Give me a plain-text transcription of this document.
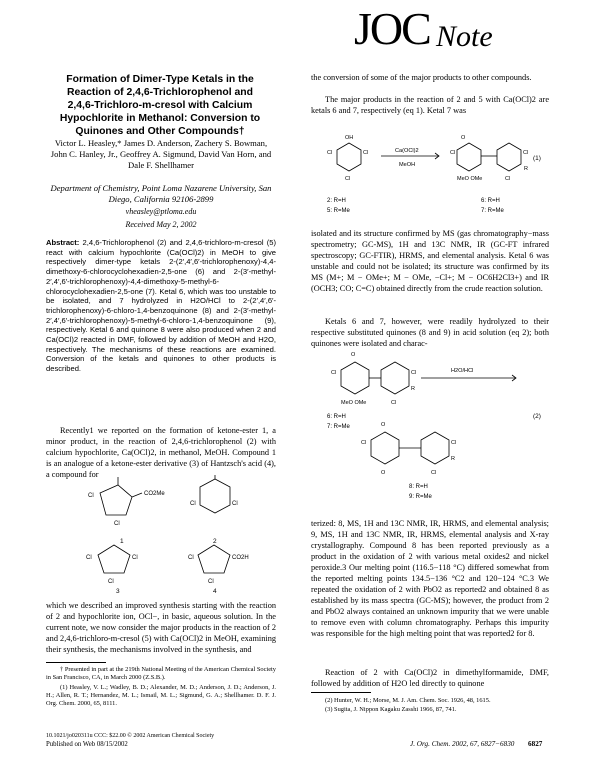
JOC Note
Formation of Dimer-Type Ketals in the Reaction of 2,4,6-Trichlorophenol and 2,4,6-Trichloro-m-cresol with Calcium Hypochlorite in Methanol: Conversion to Quinones and Other Compounds†
Victor L. Heasley,* James D. Anderson, Zachery S. Bowman, John C. Hanley, Jr., Geoffrey A. Sigmund, David Van Horn, and Dale F. Shellhamer
Department of Chemistry, Point Loma Nazarene University, San Diego, California 92106-2899
vheasley@ptloma.edu
Received May 2, 2002
Abstract: 2,4,6-Trichlorophenol (2) and 2,4,6-trichloro-m-cresol (5) react with calcium hypochlorite (Ca(OCl)2) in MeOH to give respectively dimer-type ketals 2-(2′,4′,6′-trichlorophenoxy)-4,4-dimethoxy-6-chlorocyclohexadien-2,5-one (6) and 2-(3′-methyl-2′,4′,6′-trichlorophenoxy)-4,4-dimethoxy-5-methyl-6-chlorocyclohexadien-2,5-one (7). Ketal 6, which was too unstable to be isolated, and 7 hydrolyzed in H2O/HCl to 2-(2′,4′,6′-trichlorophenoxy)-6-chloro-1,4-benzoquinone (8) and 2-(3′-methyl-2′,4′,6′-trichlorophenoxy)-5-methyl-6-chloro-1,4-benzoquinone (9), respectively. Ketal 6 and quinone 8 were also produced when 2 and Ca(OCl)2 reacted in DMF, followed by addition of MeOH and H2O, respectively. The mechanisms of these reactions are examined. Conversion of the ketals and quinones to other products is described.

Recently1 we reported on the formation of ketone-ester 1, a minor product, in the reaction of 2,4,6-trichlorophenol (2) with calcium hypochlorite, Ca(OCl)2, in methanol, MeOH. Compound 1 is an analogue of a ketone-ester derivative (3) of Hantzsch's acid (4), a compound for

Cl
Cl
CO2Me
Cl	Cl
Cl	Cl
Cl
Cl	CO2H
Cl
1	2
3	4

which we described an improved synthesis starting with the reaction of 2 and hypochlorite ion, OCl−, in basic, aqueous solution. In the current note, we now consider the major products in the reaction of 2 and 2,4,6-trichloro-m-cresol (5) with Ca(OCl)2 in MeOH, examining their synthesis, the mechanisms involved in the synthesis, and

† Presented in part at the 219th National Meeting of the American Chemical Society in San Francisco, CA, in March 2000 (Z.S.B.).

(1) Heasley, V. L.; Wadley, B. D.; Alexander, M. D.; Anderson, J. D.; Anderson, J. H.; Allen, R. T.; Hernandez, M. L.; Ismail, M. L.; Sigmund, G. A.; Shellhamer. D. F. J. Org. Chem. 2000, 65, 8111.

the conversion of some of the major products to other compounds.

The major products in the reaction of 2 and 5 with Ca(OCl)2 are ketals 6 and 7, respectively (eq 1). Ketal 7 was

Cl	Cl
OH
Cl
Cl
O
MeO OMe
Cl
Cl
R
Ca(OCl)2
MeOH
2: R=H
5: R=Me
6: R=H
7: R=Me
(1)

isolated and its structure confirmed by MS (gas chromatography−mass spectrometry; GC-MS), 1H and 13C NMR, IR (GC-FT infrared spectroscopy; GC-FTIR), HRMS, and elemental analysis. Ketal 6 was unstable and could not be isolated; its structure was confirmed by its MS (M+; M − OMe+; M − OMe, −Cl+; M − OC6H2Cl3+) and IR (OCH3; CO; C=C) obtained directly from the crude reaction solution.

Ketals 6 and 7, however, were readily hydrolyzed to their respective substituted quinones (8 and 9) in acid solution (eq 2); both quinones were isolated and charac-

Cl
O
MeO OMe
Cl
Cl
R
Cl
O
O
Cl
Cl
R
H2O/HCl
6: R=H
7: R=Me
8: R=H
9: R=Me
(2)

terized: 8, MS, 1H and 13C NMR, IR, HRMS, and elemental analysis; 9, MS, 1H and 13C NMR, IR, HRMS, elemental analysis and X-ray crystallography. Compound 8 has been reported previously as a product in the oxidation of 2 with various metal oxides2 and nickel peroxide.3 Our melting point (116.5−118 °C) differed somewhat from the reported melting points 134.5−136 °C2 and 120−124 °C.3 We repeated the oxidation of 2 with PbO2 as reported2 and obtained 8 as established by its mass spectra (GC-MS); however, the product from 2 and PbO2 always contained an unknown impurity that we were unable to remove even with column chromatography. Perhaps this impurity was responsible for the high melting point that was reported2 for 8.

Reaction of 2 with Ca(OCl)2 in dimethylformamide, DMF, followed by addition of H2O led directly to quinone

(2) Hunter, W. H.; Morse, M. J. Am. Chem. Soc. 1926, 48, 1615.

(3) Sugita, J. Nippon Kagaku Zasshi 1966, 87, 741.

10.1021/jo020311u CCC: $22.00 © 2002 American Chemical Society
Published on Web 08/15/2002	J. Org. Chem. 2002, 67, 6827−6830 6827
